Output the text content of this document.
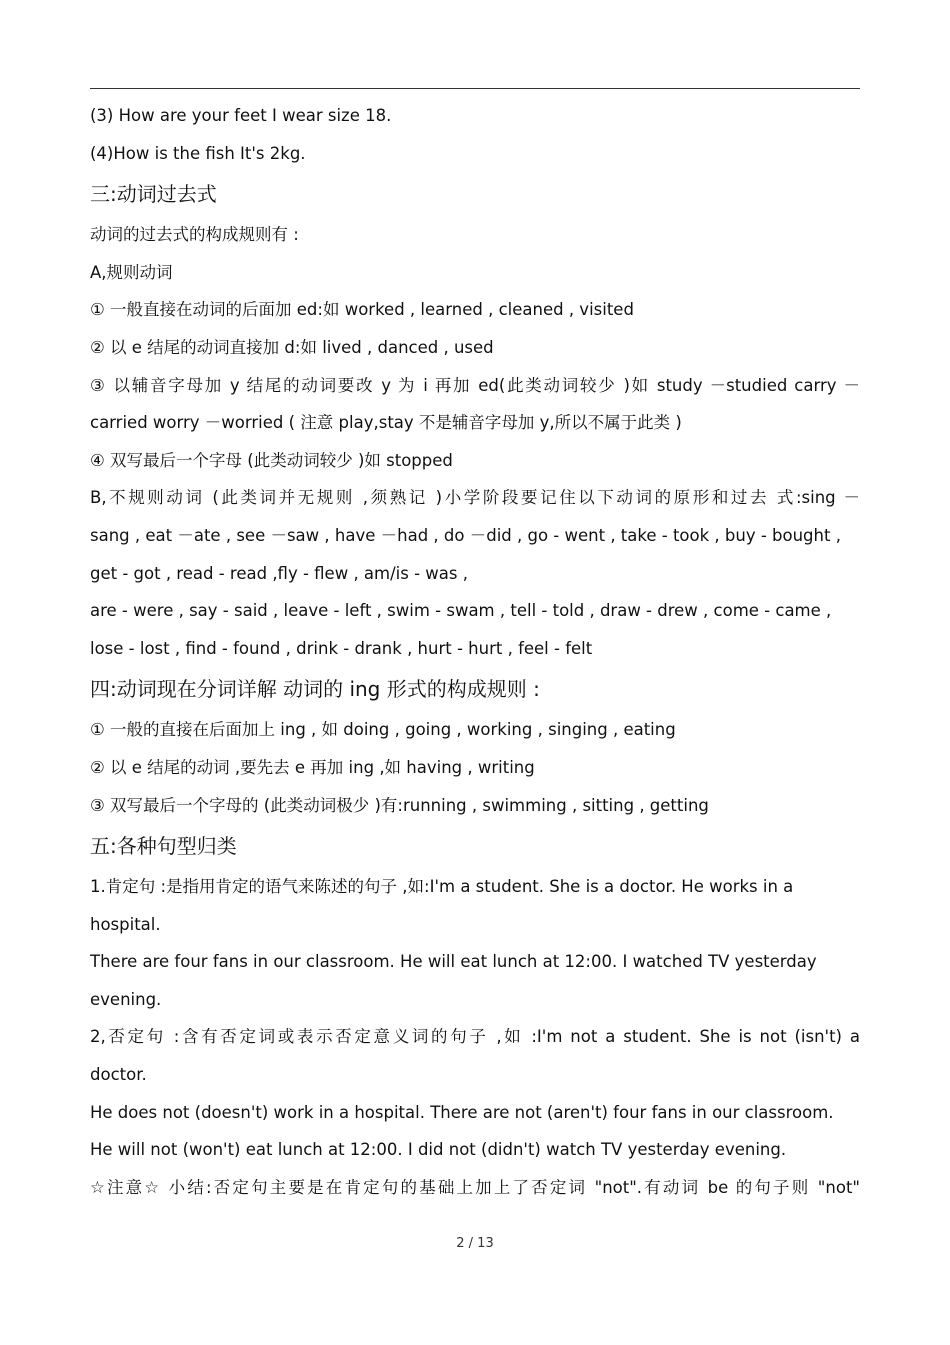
(3) How are your feet I wear size 18.
(4)How is the fish It's 2kg.
三:动词过去式
动词的过去式的构成规则有 :
A,规则动词
① 一般直接在动词的后面加 ed:如 worked , learned , cleaned , visited
② 以 e 结尾的动词直接加 d:如 lived , danced , used
③ 以辅音字母加 y 结尾的动词要改 y 为 i 再加 ed(此类动词较少 )如 study －studied carry －
carried worry －worried ( 注意 play,stay 不是辅音字母加 y,所以不属于此类 )
④ 双写最后一个字母 (此类动词较少 )如 stopped
B,不规则动词 (此类词并无规则 ,须熟记 )小学阶段要记住以下动词的原形和过去 式:sing －
sang , eat －ate , see －saw , have －had , do －did , go - went , take - took , buy - bought ,
get - got , read - read ,fly - flew , am/is - was ,
are - were , say - said , leave - left , swim - swam , tell - told , draw - drew , come - came ,
lose - lost , find - found , drink - drank , hurt - hurt , feel - felt
四:动词现在分词详解 动词的 ing 形式的构成规则 :
① 一般的直接在后面加上 ing , 如 doing , going , working , singing , eating
② 以 e 结尾的动词 ,要先去 e 再加 ing ,如 having , writing
③ 双写最后一个字母的 (此类动词极少 )有:running , swimming , sitting , getting
五:各种句型归类
1.肯定句 :是指用肯定的语气来陈述的句子 ,如:I'm a student. She is a doctor. He works in a
hospital.
There are four fans in our classroom. He will eat lunch at 12:00. I watched TV yesterday
evening.
2,否定句 :含有否定词或表示否定意义词的句子 ,如 :I'm not a student. She is not (isn't) a
doctor.
He does not (doesn't) work in a hospital. There are not (aren't) four fans in our classroom.
He will not (won't) eat lunch at 12:00. I did not (didn't) watch TV yesterday evening.
☆注意☆ 小结:否定句主要是在肯定句的基础上加上了否定词 "not".有动词 be 的句子则 "not"
2 / 13
